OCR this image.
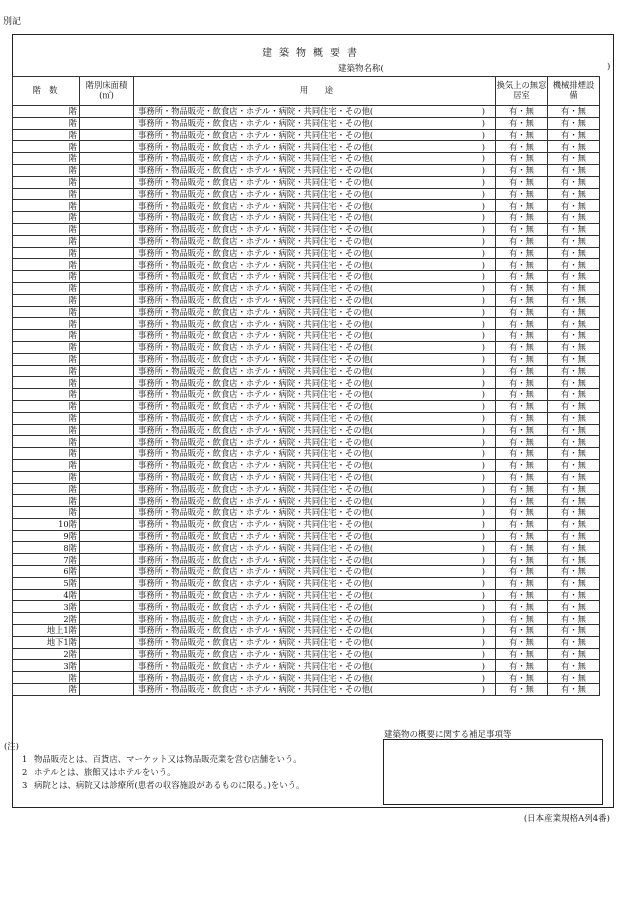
別記
建築物概要書
建築物名称(	)
階　数	階別床面積(㎡)	用　　途	換気上の無窓居室	機械排煙設　備
階		事務所・物品販売・飲食店・ホテル・病院・共同住宅・その他( )	有・無	有・無
階		事務所・物品販売・飲食店・ホテル・病院・共同住宅・その他( )	有・無	有・無
階		事務所・物品販売・飲食店・ホテル・病院・共同住宅・その他( )	有・無	有・無
階		事務所・物品販売・飲食店・ホテル・病院・共同住宅・その他( )	有・無	有・無
階		事務所・物品販売・飲食店・ホテル・病院・共同住宅・その他( )	有・無	有・無
階		事務所・物品販売・飲食店・ホテル・病院・共同住宅・その他( )	有・無	有・無
階		事務所・物品販売・飲食店・ホテル・病院・共同住宅・その他( )	有・無	有・無
階		事務所・物品販売・飲食店・ホテル・病院・共同住宅・その他( )	有・無	有・無
階		事務所・物品販売・飲食店・ホテル・病院・共同住宅・その他( )	有・無	有・無
階		事務所・物品販売・飲食店・ホテル・病院・共同住宅・その他( )	有・無	有・無
階		事務所・物品販売・飲食店・ホテル・病院・共同住宅・その他( )	有・無	有・無
階		事務所・物品販売・飲食店・ホテル・病院・共同住宅・その他( )	有・無	有・無
階		事務所・物品販売・飲食店・ホテル・病院・共同住宅・その他( )	有・無	有・無
階		事務所・物品販売・飲食店・ホテル・病院・共同住宅・その他( )	有・無	有・無
階		事務所・物品販売・飲食店・ホテル・病院・共同住宅・その他( )	有・無	有・無
階		事務所・物品販売・飲食店・ホテル・病院・共同住宅・その他( )	有・無	有・無
階		事務所・物品販売・飲食店・ホテル・病院・共同住宅・その他( )	有・無	有・無
階		事務所・物品販売・飲食店・ホテル・病院・共同住宅・その他( )	有・無	有・無
階		事務所・物品販売・飲食店・ホテル・病院・共同住宅・その他( )	有・無	有・無
階		事務所・物品販売・飲食店・ホテル・病院・共同住宅・その他( )	有・無	有・無
階		事務所・物品販売・飲食店・ホテル・病院・共同住宅・その他( )	有・無	有・無
階		事務所・物品販売・飲食店・ホテル・病院・共同住宅・その他( )	有・無	有・無
階		事務所・物品販売・飲食店・ホテル・病院・共同住宅・その他( )	有・無	有・無
階		事務所・物品販売・飲食店・ホテル・病院・共同住宅・その他( )	有・無	有・無
階		事務所・物品販売・飲食店・ホテル・病院・共同住宅・その他( )	有・無	有・無
階		事務所・物品販売・飲食店・ホテル・病院・共同住宅・その他( )	有・無	有・無
階		事務所・物品販売・飲食店・ホテル・病院・共同住宅・その他( )	有・無	有・無
階		事務所・物品販売・飲食店・ホテル・病院・共同住宅・その他( )	有・無	有・無
階		事務所・物品販売・飲食店・ホテル・病院・共同住宅・その他( )	有・無	有・無
階		事務所・物品販売・飲食店・ホテル・病院・共同住宅・その他( )	有・無	有・無
階		事務所・物品販売・飲食店・ホテル・病院・共同住宅・その他( )	有・無	有・無
階		事務所・物品販売・飲食店・ホテル・病院・共同住宅・その他( )	有・無	有・無
階		事務所・物品販売・飲食店・ホテル・病院・共同住宅・その他( )	有・無	有・無
階		事務所・物品販売・飲食店・ホテル・病院・共同住宅・その他( )	有・無	有・無
階		事務所・物品販売・飲食店・ホテル・病院・共同住宅・その他( )	有・無	有・無
10階		事務所・物品販売・飲食店・ホテル・病院・共同住宅・その他( )	有・無	有・無
9階		事務所・物品販売・飲食店・ホテル・病院・共同住宅・その他( )	有・無	有・無
8階		事務所・物品販売・飲食店・ホテル・病院・共同住宅・その他( )	有・無	有・無
7階		事務所・物品販売・飲食店・ホテル・病院・共同住宅・その他( )	有・無	有・無
6階		事務所・物品販売・飲食店・ホテル・病院・共同住宅・その他( )	有・無	有・無
5階		事務所・物品販売・飲食店・ホテル・病院・共同住宅・その他( )	有・無	有・無
4階		事務所・物品販売・飲食店・ホテル・病院・共同住宅・その他( )	有・無	有・無
3階		事務所・物品販売・飲食店・ホテル・病院・共同住宅・その他( )	有・無	有・無
2階		事務所・物品販売・飲食店・ホテル・病院・共同住宅・その他( )	有・無	有・無
地上1階		事務所・物品販売・飲食店・ホテル・病院・共同住宅・その他( )	有・無	有・無
地下1階		事務所・物品販売・飲食店・ホテル・病院・共同住宅・その他( )	有・無	有・無
2階		事務所・物品販売・飲食店・ホテル・病院・共同住宅・その他( )	有・無	有・無
3階		事務所・物品販売・飲食店・ホテル・病院・共同住宅・その他( )	有・無	有・無
階		事務所・物品販売・飲食店・ホテル・病院・共同住宅・その他( )	有・無	有・無
階		事務所・物品販売・飲食店・ホテル・病院・共同住宅・その他( )	有・無	有・無
建築物の概要に関する補足事項等
(注)
1 物品販売とは、百貨店、マーケット又は物品販売業を営む店舗をいう。
2 ホテルとは、旅館又はホテルをいう。
3 病院とは、病院又は診療所(患者の収容施設があるものに限る。)をいう。
(日本産業規格A列4番)
